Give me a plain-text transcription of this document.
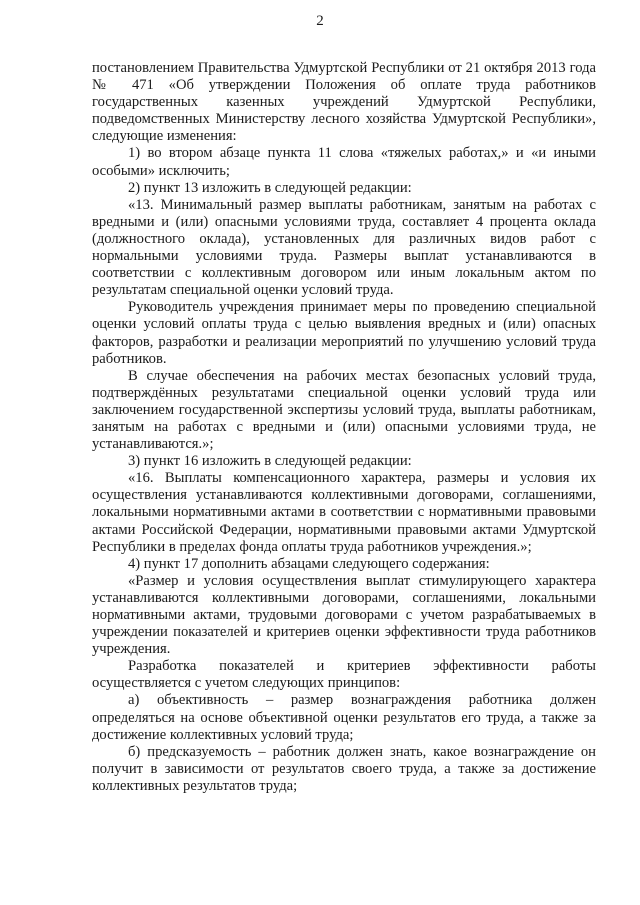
2

постановлением Правительства Удмуртской Республики от 21 октября 2013 года № 471 «Об утверждении Положения об оплате труда работников государственных казенных учреждений Удмуртской Республики, подведомственных Министерству лесного хозяйства Удмуртской Республики», следующие изменения:

1) во втором абзаце пункта 11 слова «тяжелых работах,» и «и иными особыми» исключить;

2) пункт 13 изложить в следующей редакции:

«13. Минимальный размер выплаты работникам, занятым на работах с вредными и (или) опасными условиями труда, составляет 4 процента оклада (должностного оклада), установленных для различных видов работ с нормальными условиями труда. Размеры выплат устанавливаются в соответствии с коллективным договором или иным локальным актом по результатам специальной оценки условий труда.

Руководитель учреждения принимает меры по проведению специальной оценки условий оплаты труда с целью выявления вредных и (или) опасных факторов, разработки и реализации мероприятий по улучшению условий труда работников.

В случае обеспечения на рабочих местах безопасных условий труда, подтверждённых результатами специальной оценки условий труда или заключением государственной экспертизы условий труда, выплаты работникам, занятым на работах с вредными и (или) опасными условиями труда, не устанавливаются.»;

3) пункт 16 изложить в следующей редакции:

«16. Выплаты компенсационного характера, размеры и условия их осуществления устанавливаются коллективными договорами, соглашениями, локальными нормативными актами в соответствии с нормативными правовыми актами Российской Федерации, нормативными правовыми актами Удмуртской Республики в пределах фонда оплаты труда работников учреждения.»;

4) пункт 17 дополнить абзацами следующего содержания:

«Размер и условия осуществления выплат стимулирующего характера устанавливаются коллективными договорами, соглашениями, локальными нормативными актами, трудовыми договорами с учетом разрабатываемых в учреждении показателей и критериев оценки эффективности труда работников учреждения.

Разработка показателей и критериев эффективности работы осуществляется с учетом следующих принципов:

а) объективность – размер вознаграждения работника должен определяться на основе объективной оценки результатов его труда, а также за достижение коллективных условий труда;

б) предсказуемость – работник должен знать, какое вознаграждение он получит в зависимости от результатов своего труда, а также за достижение коллективных результатов труда;
